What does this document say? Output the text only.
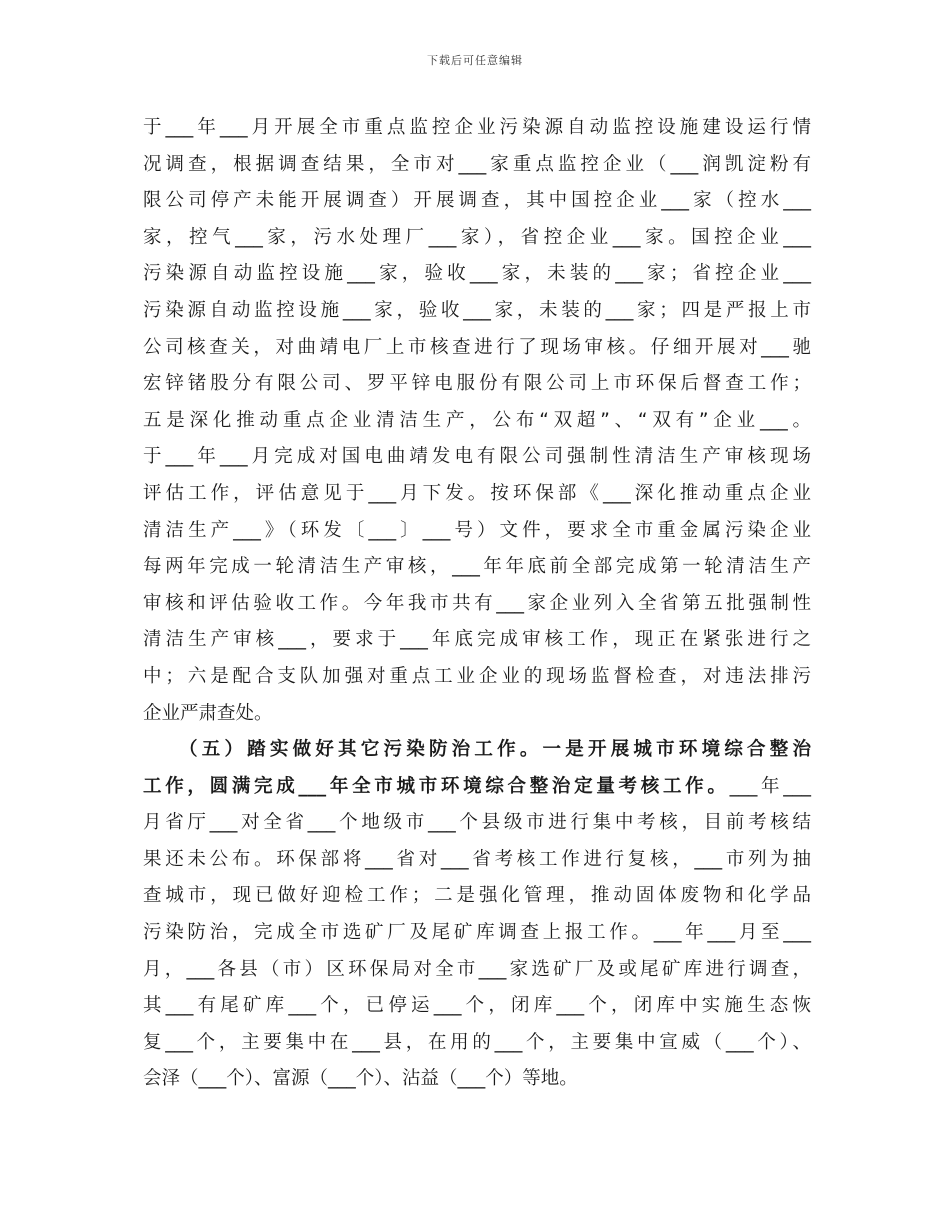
下载后可任意编辑
于___年___月开展全市重点监控企业污染源自动监控设施建设运行情
况调查，根据调查结果，全市对___家重点监控企业（___润凯淀粉有
限公司停产未能开展调查）开展调查，其中国控企业___家（控水___
家，控气___家，污水处理厂___家），省控企业___家。国控企业___
污染源自动监控设施___家，验收___家，未装的___家；省控企业___
污染源自动监控设施___家，验收___家，未装的___家；四是严报上市
公司核查关，对曲靖电厂上市核查进行了现场审核。仔细开展对___驰
宏锌锗股分有限公司、罗平锌电服份有限公司上市环保后督查工作；
五是深化推动重点企业清洁生产，公布“双超”、“双有”企业___。
于___年___月完成对国电曲靖发电有限公司强制性清洁生产审核现场
评估工作，评估意见于___月下发。按环保部《___深化推动重点企业
清洁生产___》（环发〔___〕___号）文件，要求全市重金属污染企业
每两年完成一轮清洁生产审核，___年年底前全部完成第一轮清洁生产
审核和评估验收工作。今年我市共有___家企业列入全省第五批强制性
清洁生产审核___，要求于___年底完成审核工作，现正在紧张进行之
中；六是配合支队加强对重点工业企业的现场监督检查，对违法排污
企业严肃查处。
（五）踏实做好其它污染防治工作。一是开展城市环境综合整治
工作，圆满完成___年全市城市环境综合整治定量考核工作。___年___
月省厅___对全省___个地级市___个县级市进行集中考核，目前考核结
果还未公布。环保部将___省对___省考核工作进行复核，___市列为抽
查城市，现已做好迎检工作；二是强化管理，推动固体废物和化学品
污染防治，完成全市选矿厂及尾矿库调查上报工作。___年___月至___
月，___各县（市）区环保局对全市___家选矿厂及或尾矿库进行调查，
其___有尾矿库___个，已停运___个，闭库___个，闭库中实施生态恢
复___个，主要集中在___县，在用的___个，主要集中宣威（___个）、
会泽（___个）、富源（___个）、沾益（___个）等地。
